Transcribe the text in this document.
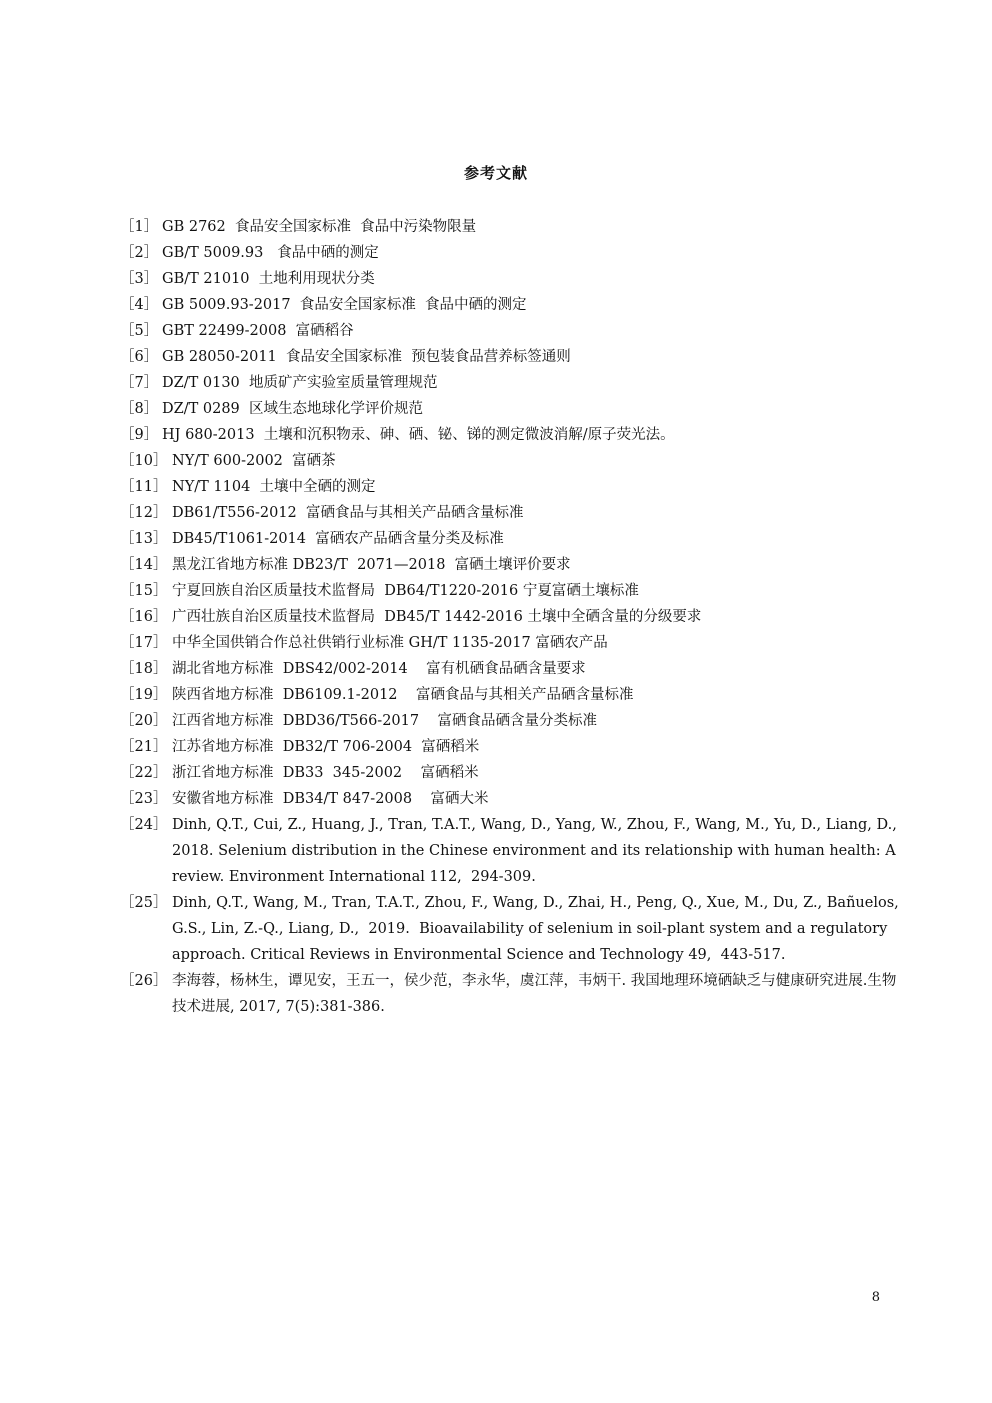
参考文献
［1］ GB 2762  食品安全国家标准  食品中污染物限量
［2］ GB/T 5009.93   食品中硒的测定
［3］ GB/T 21010  土地利用现状分类
［4］ GB 5009.93-2017  食品安全国家标准  食品中硒的测定
［5］ GBT 22499-2008  富硒稻谷
［6］ GB 28050-2011  食品安全国家标准  预包装食品营养标签通则
［7］ DZ/T 0130  地质矿产实验室质量管理规范
［8］ DZ/T 0289  区域生态地球化学评价规范
［9］ HJ 680-2013  土壤和沉积物汞、砷、硒、铋、锑的测定微波消解/原子荧光法。
［10］ NY/T 600-2002  富硒茶
［11］ NY/T 1104  土壤中全硒的测定
［12］ DB61/T556-2012  富硒食品与其相关产品硒含量标准
［13］ DB45/T1061-2014  富硒农产品硒含量分类及标准
［14］ 黑龙江省地方标准 DB23/T  2071—2018  富硒土壤评价要求
［15］ 宁夏回族自治区质量技术监督局  DB64/T1220-2016 宁夏富硒土壤标准
［16］ 广西壮族自治区质量技术监督局  DB45/T 1442-2016 土壤中全硒含量的分级要求
［17］ 中华全国供销合作总社供销行业标准 GH/T 1135-2017 富硒农产品
［18］ 湖北省地方标准  DBS42/002-2014    富有机硒食品硒含量要求
［19］ 陕西省地方标准  DB6109.1-2012    富硒食品与其相关产品硒含量标准
［20］ 江西省地方标准  DBD36/T566-2017    富硒食品硒含量分类标准
［21］ 江苏省地方标准  DB32/T 706-2004  富硒稻米
［22］ 浙江省地方标准  DB33  345-2002    富硒稻米
［23］ 安徽省地方标准  DB34/T 847-2008    富硒大米
［24］ Dinh, Q.T., Cui, Z., Huang, J., Tran, T.A.T., Wang, D., Yang, W., Zhou, F., Wang, M., Yu, D., Liang, D., 2018. Selenium distribution in the Chinese environment and its relationship with human health: A review. Environment International 112,  294-309.
［25］ Dinh, Q.T., Wang, M., Tran, T.A.T., Zhou, F., Wang, D., Zhai, H., Peng, Q., Xue, M., Du, Z., Bañuelos, G.S., Lin, Z.-Q., Liang, D.,  2019.  Bioavailability of selenium in soil-plant system and a regulatory approach. Critical Reviews in Environmental Science and Technology 49,  443-517.
［26］ 李海蓉，杨林生，谭见安，王五一，侯少范，李永华，虞江萍，韦炳干. 我国地理环境硒缺乏与健康研究进展.生物技术进展, 2017, 7(5):381-386.
8
